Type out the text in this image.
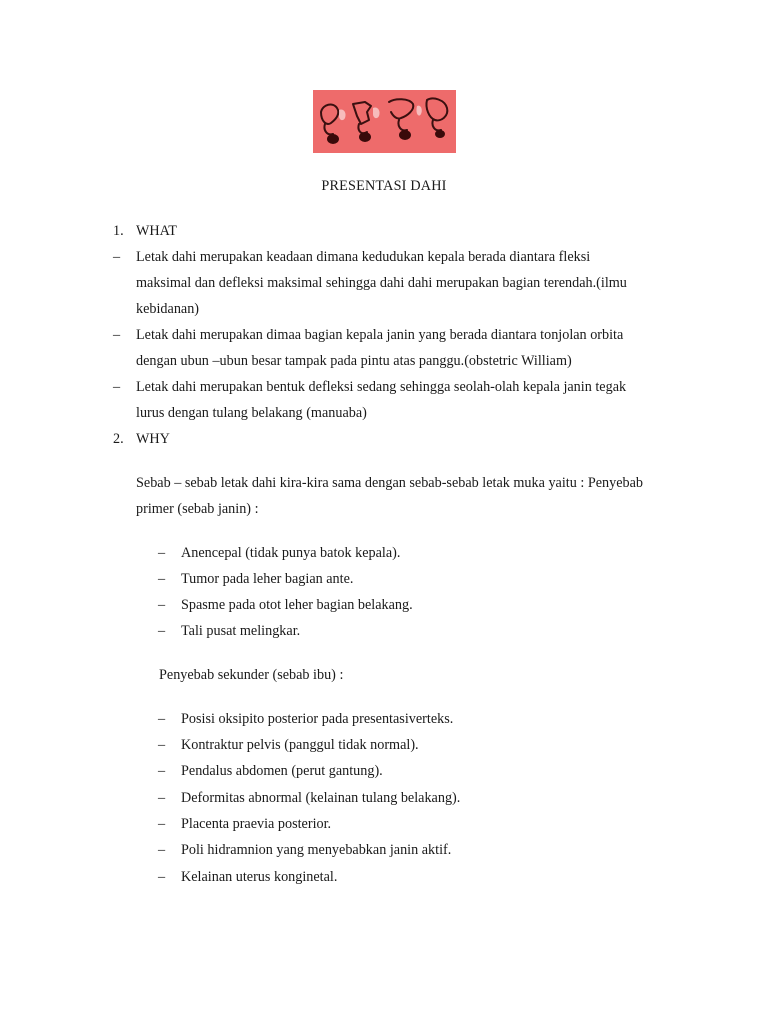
PRESENTASI DAHI
1. WHAT
– Letak dahi merupakan keadaan dimana kedudukan kepala berada diantara fleksi
maksimal dan defleksi maksimal sehingga dahi dahi merupakan bagian terendah.(ilmu
kebidanan)
– Letak dahi merupakan dimaa bagian kepala janin yang berada diantara tonjolan orbita
dengan ubun –ubun besar tampak pada pintu atas panggu.(obstetric William)
– Letak dahi merupakan bentuk defleksi sedang sehingga seolah-olah kepala janin tegak
lurus dengan tulang belakang (manuaba)
2. WHY
Sebab – sebab letak dahi kira-kira sama dengan sebab-sebab letak muka yaitu : Penyebab
primer (sebab janin) :
– Anencepal (tidak punya batok kepala).
– Tumor pada leher bagian ante.
– Spasme pada otot leher bagian belakang.
– Tali pusat melingkar.
Penyebab sekunder (sebab ibu) :
– Posisi oksipito posterior pada presentasiverteks.
– Kontraktur pelvis (panggul tidak normal).
– Pendalus abdomen (perut gantung).
– Deformitas abnormal (kelainan tulang belakang).
– Placenta praevia posterior.
– Poli hidramnion yang menyebabkan janin aktif.
– Kelainan uterus konginetal.
